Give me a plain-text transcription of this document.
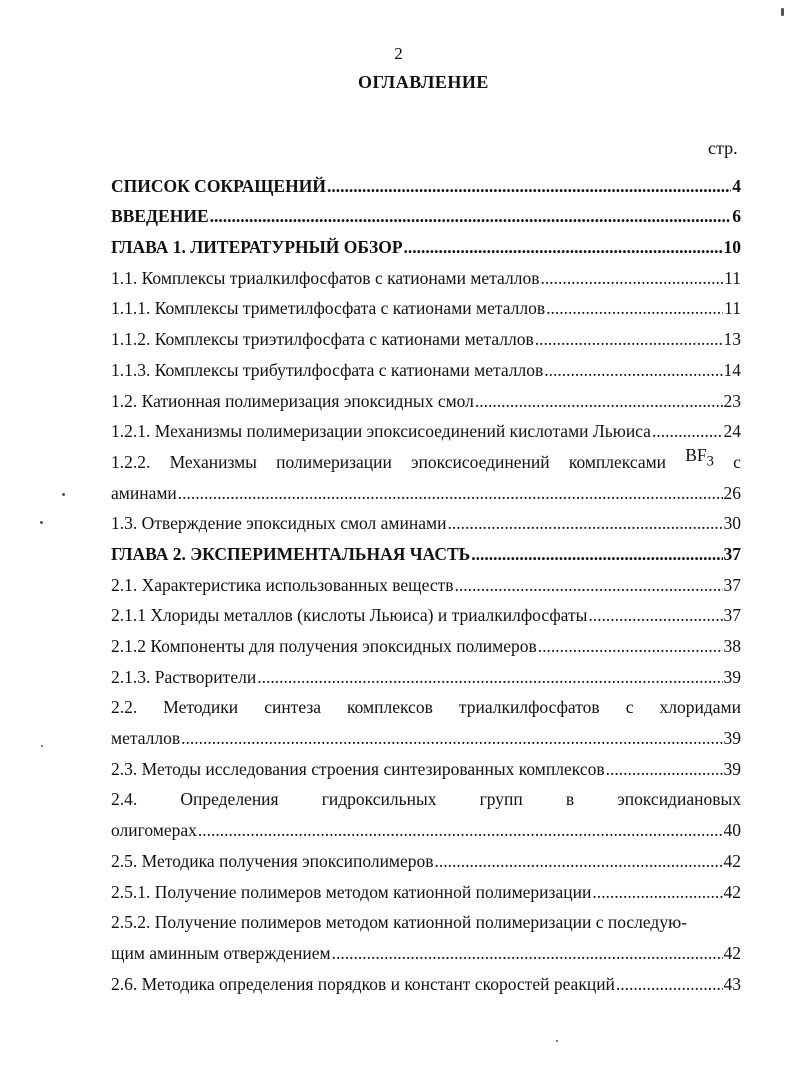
2
ОГЛАВЛЕНИЕ
стр.
СПИСОК СОКРАЩЕНИЙ .....	4
ВВЕДЕНИЕ .....	6
ГЛАВА 1. ЛИТЕРАТУРНЫЙ ОБЗОР .....	10
1.1. Комплексы триалкилфосфатов с катионами металлов .....	11
1.1.1. Комплексы триметилфосфата с катионами металлов .....	11
1.1.2. Комплексы триэтилфосфата с катионами металлов .....	13
1.1.3. Комплексы трибутилфосфата с катионами металлов .....	14
1.2. Катионная полимеризация эпоксидных смол .....	23
1.2.1. Механизмы полимеризации эпоксисоединений кислотами Льюиса .....	24
1.2.2. Механизмы полимеризации эпоксисоединений комплексами $BF_3$ с
аминами .....	26
1.3. Отверждение эпоксидных смол аминами .....	30
ГЛАВА 2. ЭКСПЕРИМЕНТАЛЬНАЯ ЧАСТЬ .....	37
2.1. Характеристика использованных веществ .....	37
2.1.1 Хлориды металлов (кислоты Льюиса) и триалкилфосфаты .....	37
2.1.2 Компоненты для получения эпоксидных полимеров .....	38
2.1.3. Растворители .....	39
2.2. Методики синтеза комплексов триалкилфосфатов с хлоридами
металлов .....	39
2.3. Методы исследования строения синтезированных комплексов .....	39
2.4. Определения гидроксильных групп в эпоксидиановых
олигомерах .....	40
2.5. Методика получения эпоксиполимеров .....	42
2.5.1. Получение полимеров методом катионной полимеризации .....	42
2.5.2. Получение полимеров методом катионной полимеризации с последую-
щим аминным отверждением .....	42
2.6. Методика определения порядков и констант скоростей реакций .....	43
